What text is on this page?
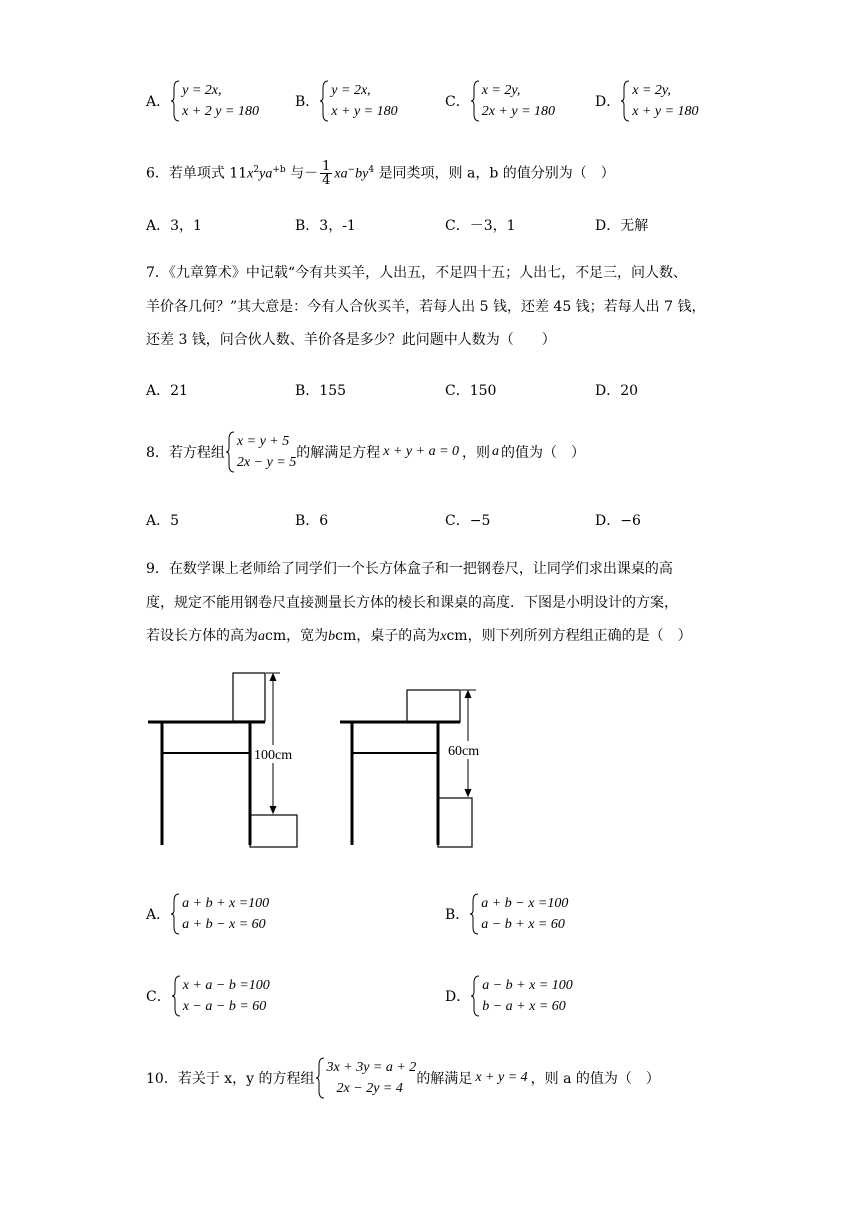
A．
y = 2x,
x + 2 y = 180
B．
y = 2x,
x + y = 180
C．
x = 2y,
2x + y = 180
D．
x = 2y,
x + y = 180
6．若单项式 $11x^2ya^{+b}$ 与－ $\frac{1}{4} xa^-by^4$ 是同类项，则 a，b 的值分别为（　）
A．3，1	B．3，-1	C．－3，1	D．无解
7．《九章算术》中记载“今有共买羊，人出五，不足四十五；人出七，不足三，问人数、
羊价各几何？”其大意是：今有人合伙买羊，若每人出 5 钱，还差 45 钱；若每人出 7 钱，
还差 3 钱，问合伙人数、羊价各是多少？此问题中人数为（　　）
A．21	B．155	C．150	D．20
8．若方程组
x = y + 5
2x − y = 5
的解满足方程 x + y + a = 0 ，则 a 的值为（　）
A．5	B．6	C．−5	D．−6
9．在数学课上老师给了同学们一个长方体盒子和一把钢卷尺，让同学们求出课桌的高
度，规定不能用钢卷尺直接测量长方体的棱长和课桌的高度．下图是小明设计的方案，
若设长方体的高为acm，宽为bcm，桌子的高为xcm，则下列所列方程组正确的是（　）
100cm	60cm
A．
a + b + x =100
a + b − x = 60
B．
a + b − x =100
a − b + x = 60
C．
x + a − b =100
x − a − b = 60
D．
a − b + x = 100
b − a + x = 60
10．若关于 x，y 的方程组
3x + 3y = a + 2
2x − 2y = 4
的解满足 x + y = 4 ，则 a 的值为（　）
